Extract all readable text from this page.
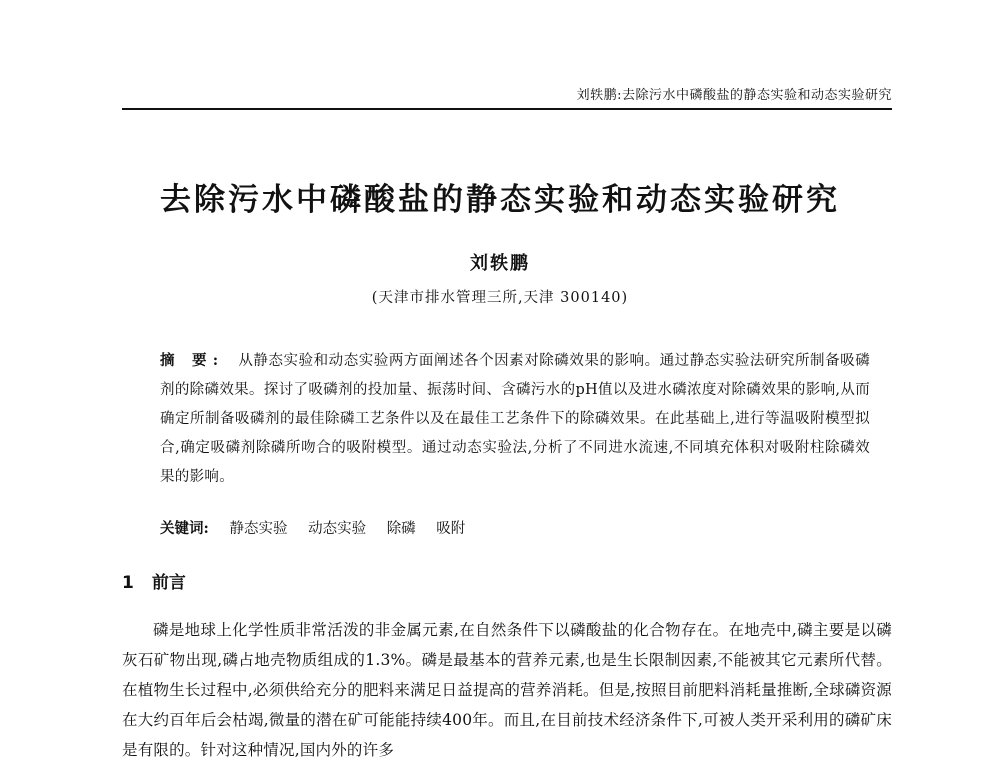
刘轶鹏:去除污水中磷酸盐的静态实验和动态实验研究
去除污水中磷酸盐的静态实验和动态实验研究
刘轶鹏
(天津市排水管理三所,天津 300140)
摘 要: 从静态实验和动态实验两方面阐述各个因素对除磷效果的影响。通过静态实验法研究所制备吸磷剂的除磷效果。探讨了吸磷剂的投加量、振荡时间、含磷污水的pH值以及进水磷浓度对除磷效果的影响,从而确定所制备吸磷剂的最佳除磷工艺条件以及在最佳工艺条件下的除磷效果。在此基础上,进行等温吸附模型拟合,确定吸磷剂除磷所吻合的吸附模型。通过动态实验法,分析了不同进水流速,不同填充体积对吸附柱除磷效果的影响。
关键词: 静态实验 动态实验 除磷 吸附
1 前言

磷是地球上化学性质非常活泼的非金属元素,在自然条件下以磷酸盐的化合物存在。在地壳中,磷主要是以磷灰石矿物出现,磷占地壳物质组成的1.3%。磷是最基本的营养元素,也是生长限制因素,不能被其它元素所代替。在植物生长过程中,必须供给充分的肥料来满足日益提高的营养消耗。但是,按照目前肥料消耗量推断,全球磷资源在大约百年后会枯竭,微量的潜在矿可能能持续400年。而且,在目前技术经济条件下,可被人类开采利用的磷矿床是有限的。针对这种情况,国内外的许多
